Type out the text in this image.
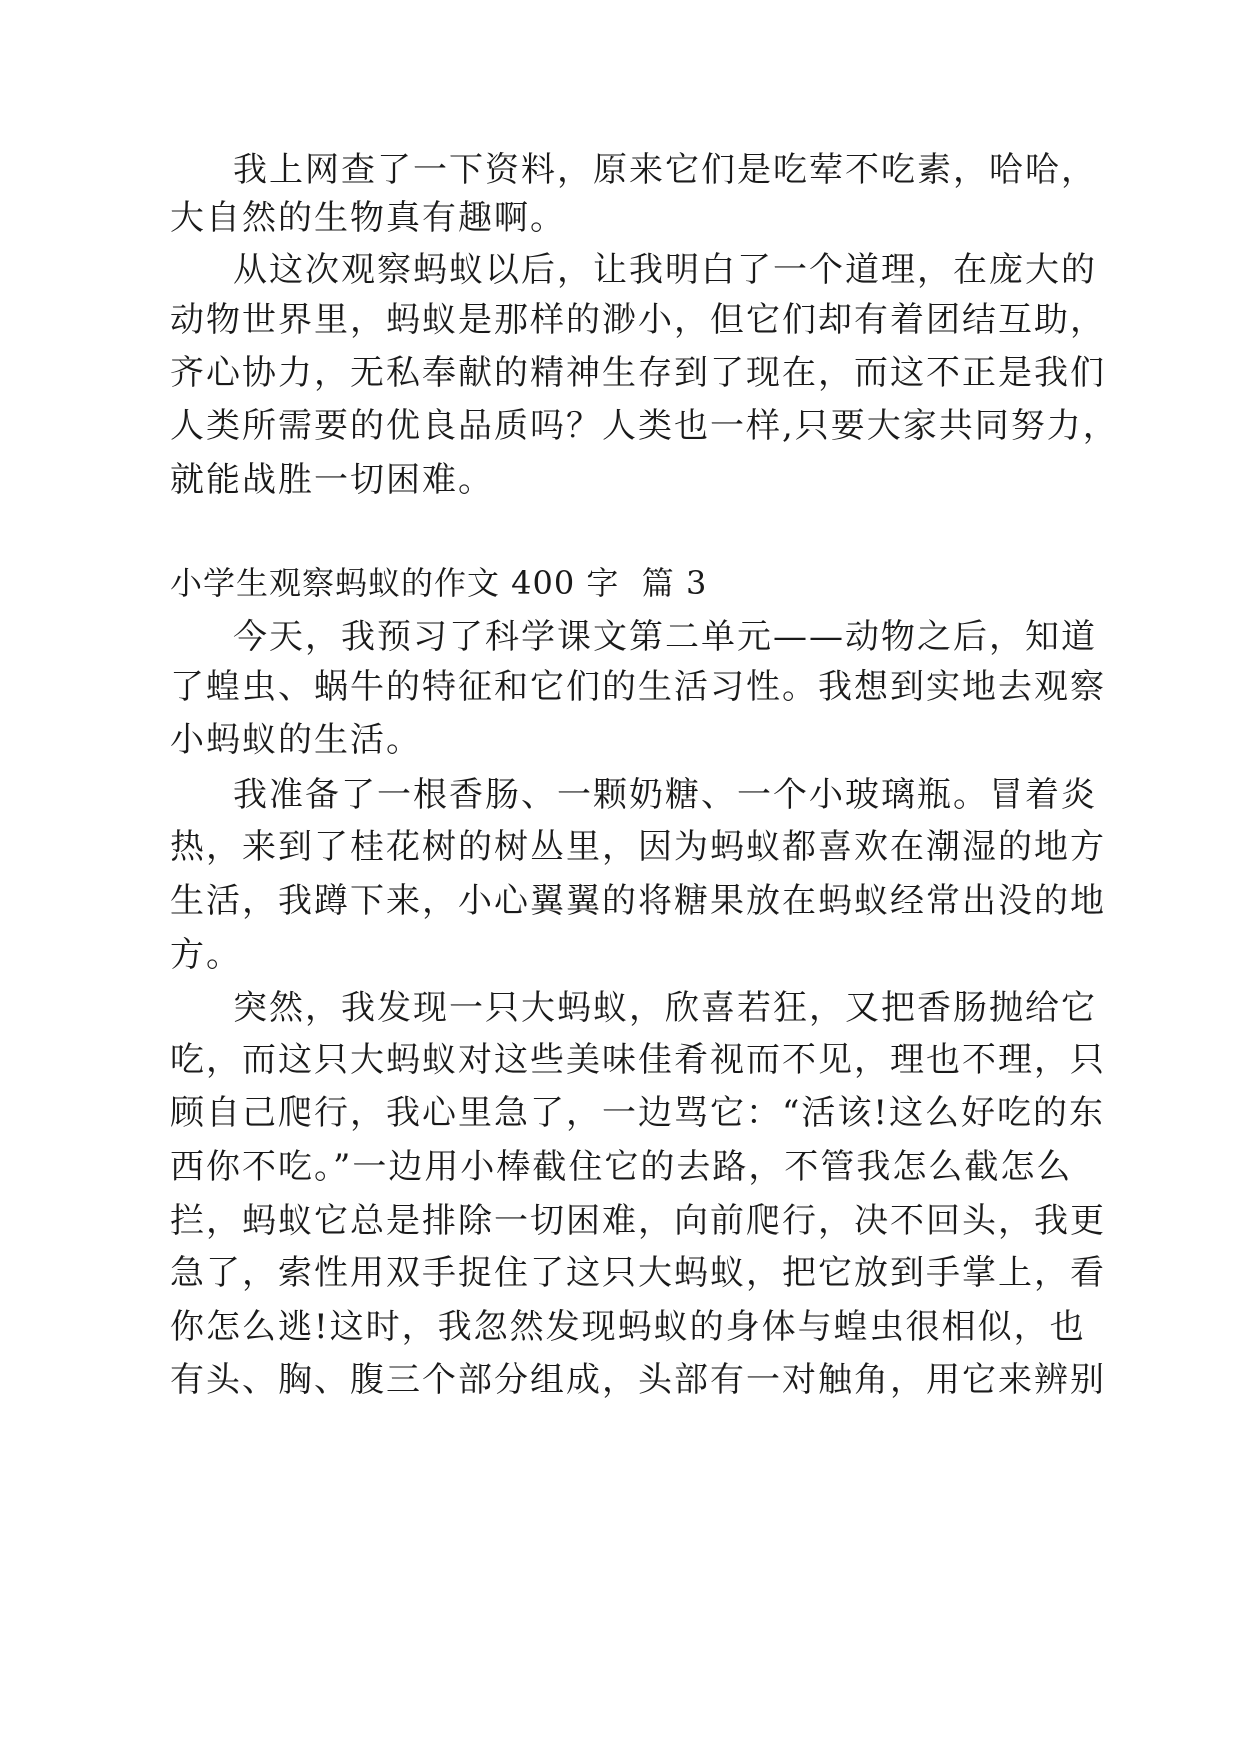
我上网查了一下资料，原来它们是吃荤不吃素，哈哈，
大自然的生物真有趣啊。
从这次观察蚂蚁以后，让我明白了一个道理，在庞大的
动物世界里，蚂蚁是那样的渺小，但它们却有着团结互助，
齐心协力，无私奉献的精神生存到了现在，而这不正是我们
人类所需要的优良品质吗？人类也一样,只要大家共同努力，
就能战胜一切困难。
小学生观察蚂蚁的作文 400 字  篇 3
今天，我预习了科学课文第二单元——动物之后，知道
了蝗虫、蜗牛的特征和它们的生活习性。我想到实地去观察
小蚂蚁的生活。
我准备了一根香肠、一颗奶糖、一个小玻璃瓶。冒着炎
热，来到了桂花树的树丛里，因为蚂蚁都喜欢在潮湿的地方
生活，我蹲下来，小心翼翼的将糖果放在蚂蚁经常出没的地
方。
突然，我发现一只大蚂蚁，欣喜若狂，又把香肠抛给它
吃，而这只大蚂蚁对这些美味佳肴视而不见，理也不理，只
顾自己爬行，我心里急了，一边骂它：“活该!这么好吃的东
西你不吃。”一边用小棒截住它的去路，不管我怎么截怎么
拦，蚂蚁它总是排除一切困难，向前爬行，决不回头，我更
急了，索性用双手捉住了这只大蚂蚁，把它放到手掌上，看
你怎么逃!这时，我忽然发现蚂蚁的身体与蝗虫很相似，也
有头、胸、腹三个部分组成，头部有一对触角，用它来辨别
